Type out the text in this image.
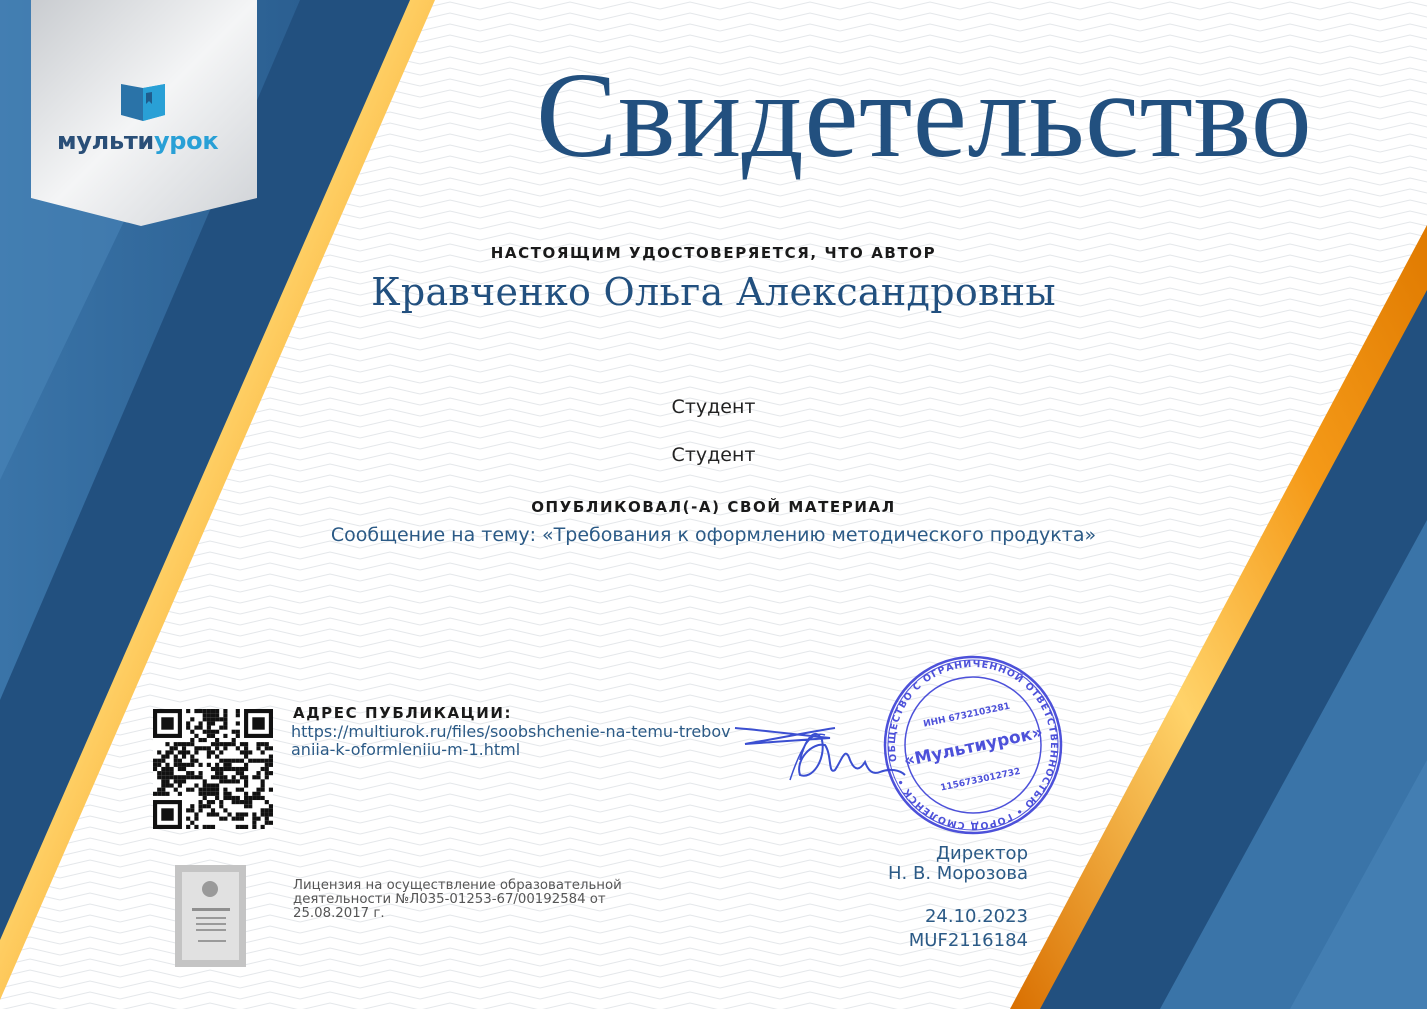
мультиурок	Свидетельство
НАСТОЯЩИМ УДОСТОВЕРЯЕТСЯ, ЧТО АВТОР
Кравченко Ольга Александровны
Студент
Студент
ОПУБЛИКОВАЛ(-А) СВОЙ МАТЕРИАЛ
Сообщение на тему: «Требования к оформлению методического продукта»
АДРЕС ПУБЛИКАЦИИ:
https://multiurok.ru/files/soobshchenie-na-temu-trebovaniia-k-oformleniiu-m-1.html
Лицензия на осуществление образовательной деятельности №Л035-01253-67/00192584 от 25.08.2017 г.
ОБЩЕСТВО С ОГРАНИЧЕННОЙ ОТВЕТСТВЕННОСТЬЮ • ГОРОД СМОЛЕНСК •
ИНН 6732103281
«Мультиурок»
1156733012732
Директор
Н. В. Морозова
24.10.2023
MUF2116184
